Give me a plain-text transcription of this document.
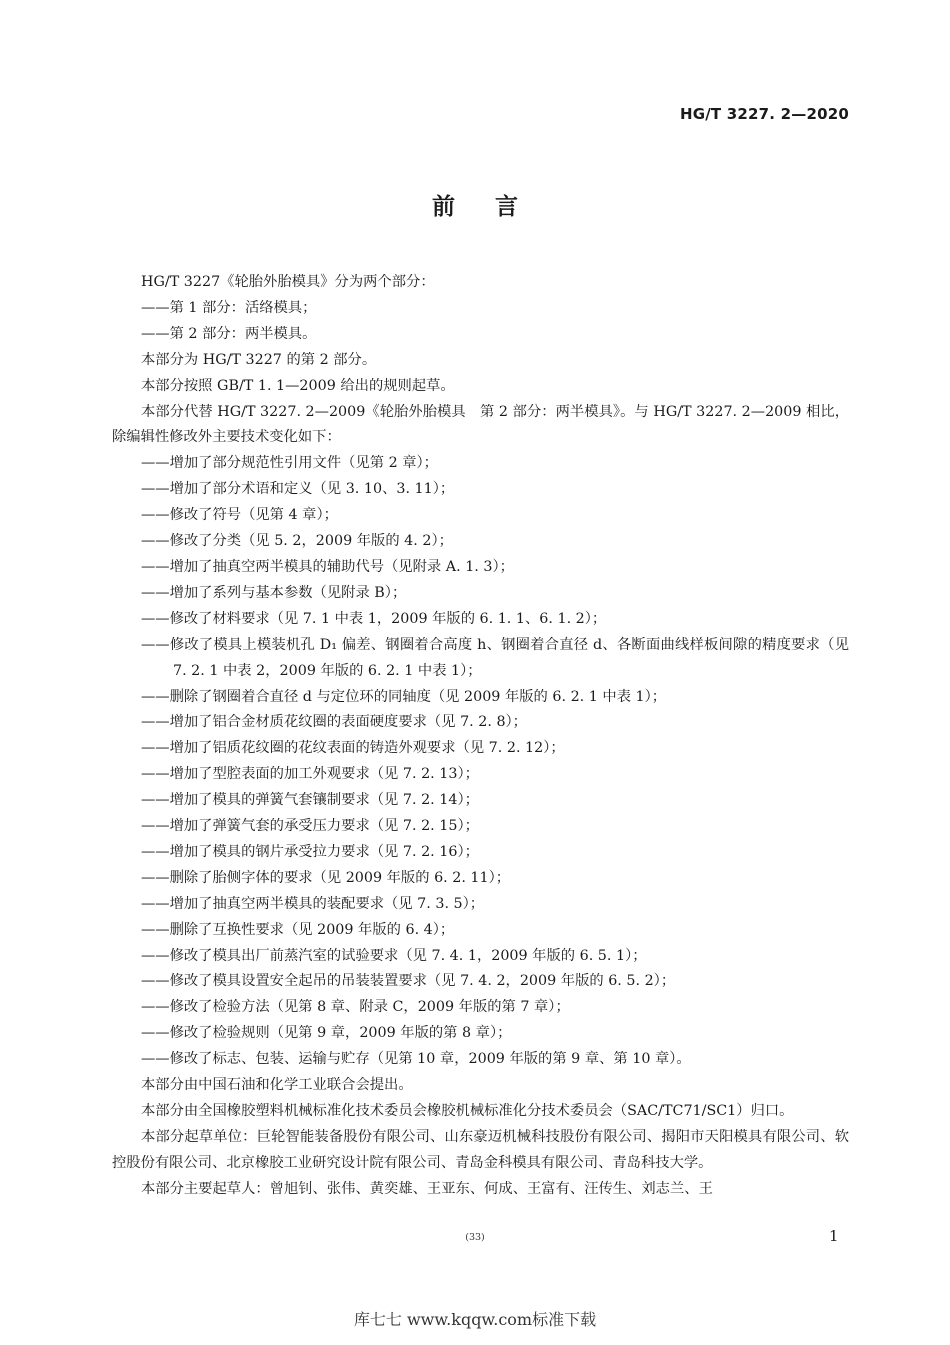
HG/T 3227. 2—2020
前言

HG/T 3227《轮胎外胎模具》分为两个部分：

——第 1 部分：活络模具；

——第 2 部分：两半模具。

本部分为 HG/T 3227 的第 2 部分。

本部分按照 GB/T 1. 1—2009 给出的规则起草。

本部分代替 HG/T 3227. 2—2009《轮胎外胎模具　第 2 部分：两半模具》。与 HG/T 3227. 2—2009 相比，除编辑性修改外主要技术变化如下：

——增加了部分规范性引用文件（见第 2 章）；

——增加了部分术语和定义（见 3. 10、3. 11）；

——修改了符号（见第 4 章）；

——修改了分类（见 5. 2，2009 年版的 4. 2）；

——增加了抽真空两半模具的辅助代号（见附录 A. 1. 3）；

——增加了系列与基本参数（见附录 B）；

——修改了材料要求（见 7. 1 中表 1，2009 年版的 6. 1. 1、6. 1. 2）；

——修改了模具上模装机孔 D₁ 偏差、钢圈着合高度 h、钢圈着合直径 d、各断面曲线样板间隙的精度要求（见 7. 2. 1 中表 2，2009 年版的 6. 2. 1 中表 1）；

——删除了钢圈着合直径 d 与定位环的同轴度（见 2009 年版的 6. 2. 1 中表 1）；

——增加了铝合金材质花纹圈的表面硬度要求（见 7. 2. 8）；

——增加了铝质花纹圈的花纹表面的铸造外观要求（见 7. 2. 12）；

——增加了型腔表面的加工外观要求（见 7. 2. 13）；

——增加了模具的弹簧气套镶制要求（见 7. 2. 14）；

——增加了弹簧气套的承受压力要求（见 7. 2. 15）；

——增加了模具的钢片承受拉力要求（见 7. 2. 16）；

——删除了胎侧字体的要求（见 2009 年版的 6. 2. 11）；

——增加了抽真空两半模具的装配要求（见 7. 3. 5）；

——删除了互换性要求（见 2009 年版的 6. 4）；

——修改了模具出厂前蒸汽室的试验要求（见 7. 4. 1，2009 年版的 6. 5. 1）；

——修改了模具设置安全起吊的吊装装置要求（见 7. 4. 2，2009 年版的 6. 5. 2）；

——修改了检验方法（见第 8 章、附录 C，2009 年版的第 7 章）；

——修改了检验规则（见第 9 章，2009 年版的第 8 章）；

——修改了标志、包装、运输与贮存（见第 10 章，2009 年版的第 9 章、第 10 章）。

本部分由中国石油和化学工业联合会提出。

本部分由全国橡胶塑料机械标准化技术委员会橡胶机械标准化分技术委员会（SAC/TC71/SC1）归口。

本部分起草单位：巨轮智能装备股份有限公司、山东豪迈机械科技股份有限公司、揭阳市天阳模具有限公司、软控股份有限公司、北京橡胶工业研究设计院有限公司、青岛金科模具有限公司、青岛科技大学。

本部分主要起草人：曾旭钊、张伟、黄奕雄、王亚东、何成、王富有、汪传生、刘志兰、王

(33)	1
库七七 www.kqqw.com标准下载
